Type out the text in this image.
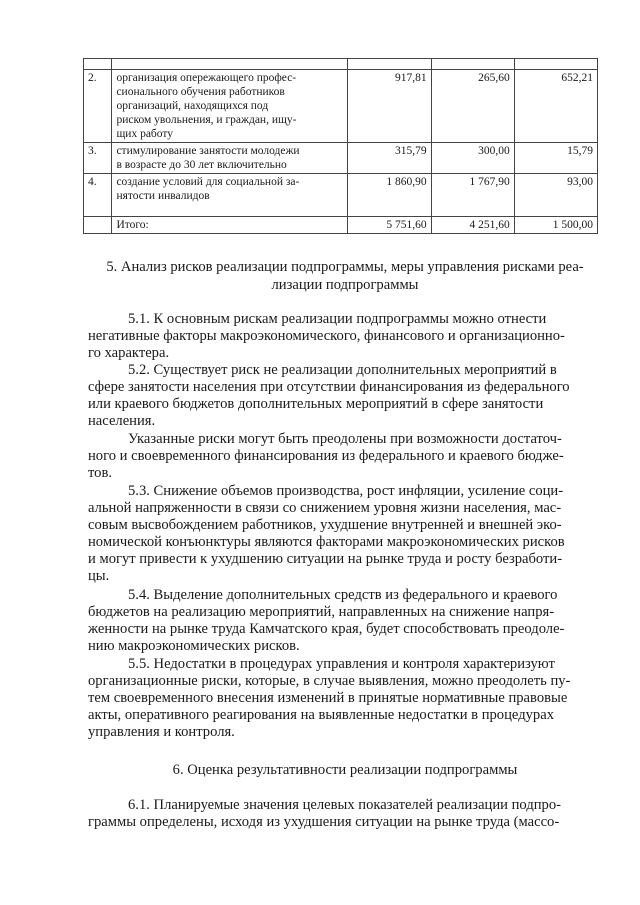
2.	организация опережающего профес-
сионального обучения работников
организаций, находящихся под
риском увольнения, и граждан, ищу-
щих работу	917,81	265,60	652,21
3.	стимулирование занятости молодежи
в возрасте до 30 лет включительно	315,79	300,00	15,79
4.	создание условий для социальной за-
нятости инвалидов	1 860,90	1 767,90	93,00
	Итого:	5 751,60	4 251,60	1 500,00
5. Анализ рисков реализации подпрограммы, меры управления рисками реа-
лизации подпрограммы

5.1. К основным рискам реализации подпрограммы можно отнести
негативные факторы макроэкономического, финансового и организационно-
го характера.

5.2. Существует риск не реализации дополнительных мероприятий в
сфере занятости населения при отсутствии финансирования из федерального
или краевого бюджетов дополнительных мероприятий в сфере занятости
населения.

Указанные риски могут быть преодолены при возможности достаточ-
ного и своевременного финансирования из федерального и краевого бюдже-
тов.

5.3. Снижение объемов производства, рост инфляции, усиление соци-
альной напряженности в связи со снижением уровня жизни населения, мас-
совым высвобождением работников, ухудшение внутренней и внешней эко-
номической конъюнктуры являются факторами макроэкономических рисков
и могут привести к ухудшению ситуации на рынке труда и росту безработи-
цы.

5.4. Выделение дополнительных средств из федерального и краевого
бюджетов на реализацию мероприятий, направленных на снижение напря-
женности на рынке труда Камчатского края, будет способствовать преодоле-
нию макроэкономических рисков.

5.5. Недостатки в процедурах управления и контроля характеризуют
организационные риски, которые, в случае выявления, можно преодолеть пу-
тем своевременного внесения изменений в принятые нормативные правовые
акты, оперативного реагирования на выявленные недостатки в процедурах
управления и контроля.

6. Оценка результативности реализации подпрограммы

6.1. Планируемые значения целевых показателей реализации подпро-
граммы определены, исходя из ухудшения ситуации на рынке труда (массо-
